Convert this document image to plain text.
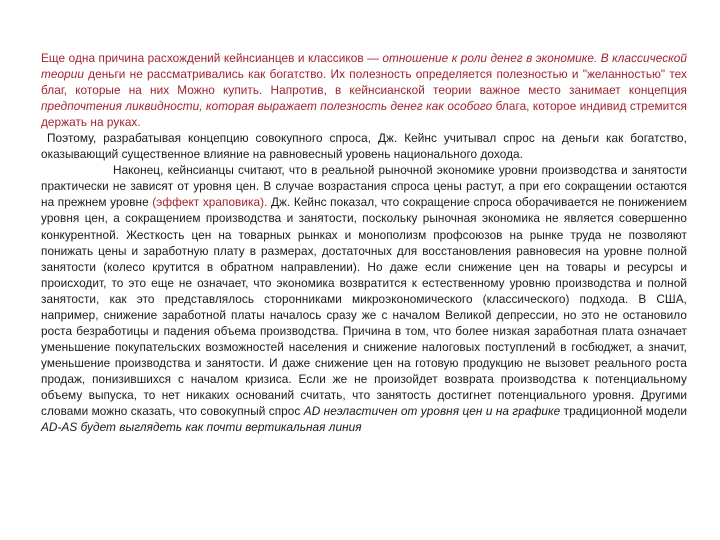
Еще одна причина расхождений кейнсианцев и классиков — отношение к роли денег в экономике. В классической теории деньги не рассматривались как богатство. Их полезность определяется полезностью и "желанностью" тех благ, которые на них Можно купить. Напротив, в кейнсианской теории важное место занимает концепция предпочтения ликвидности, которая выражает полезность денег как особого блага, которое индивид стремится держать на руках.

Поэтому, разрабатывая концепцию совокупного спроса, Дж. Кейнс учитывал спрос на деньги как богатство, оказывающий существенное влияние на равновесный уровень национального дохода.

Наконец, кейнсианцы считают, что в реальной рыночной экономике уровни производства и занятости практически не зависят от уровня цен. В случае возрастания спроса цены растут, а при его сокращении остаются на прежнем уровне (эффект храповика). Дж. Кейнс показал, что сокращение спроса оборачивается не понижением уровня цен, а сокращением производства и занятости, поскольку рыночная экономика не является совершенно конкурентной. Жесткость цен на товарных рынках и монополизм профсоюзов на рынке труда не позволяют понижать цены и заработную плату в размерах, достаточных для восстановления равновесия на уровне полной занятости (колесо крутится в обратном направлении). Но даже если снижение цен на товары и ресурсы и происходит, то это еще не означает, что экономика возвратится к естественному уровню производства и полной занятости, как это представлялось сторонниками микроэкономического (классического) подхода. В США, например, снижение заработной платы началось сразу же с началом Великой депрессии, но это не остановило роста безработицы и падения объема производства. Причина в том, что более низкая заработная плата означает уменьшение покупательских возможностей населения и снижение налоговых поступлений в госбюджет, а значит, уменьшение производства и занятости. И даже снижение цен на готовую продукцию не вызовет реального роста продаж, понизившихся с началом кризиса. Если же не произойдет возврата производства к потенциальному объему выпуска, то нет никаких оснований считать, что занятость достигнет потенциального уровня. Другими словами можно сказать, что совокупный спрос AD неэластичен от уровня цен и на графике традиционной модели AD-AS будет выглядеть как почти вертикальная линия
